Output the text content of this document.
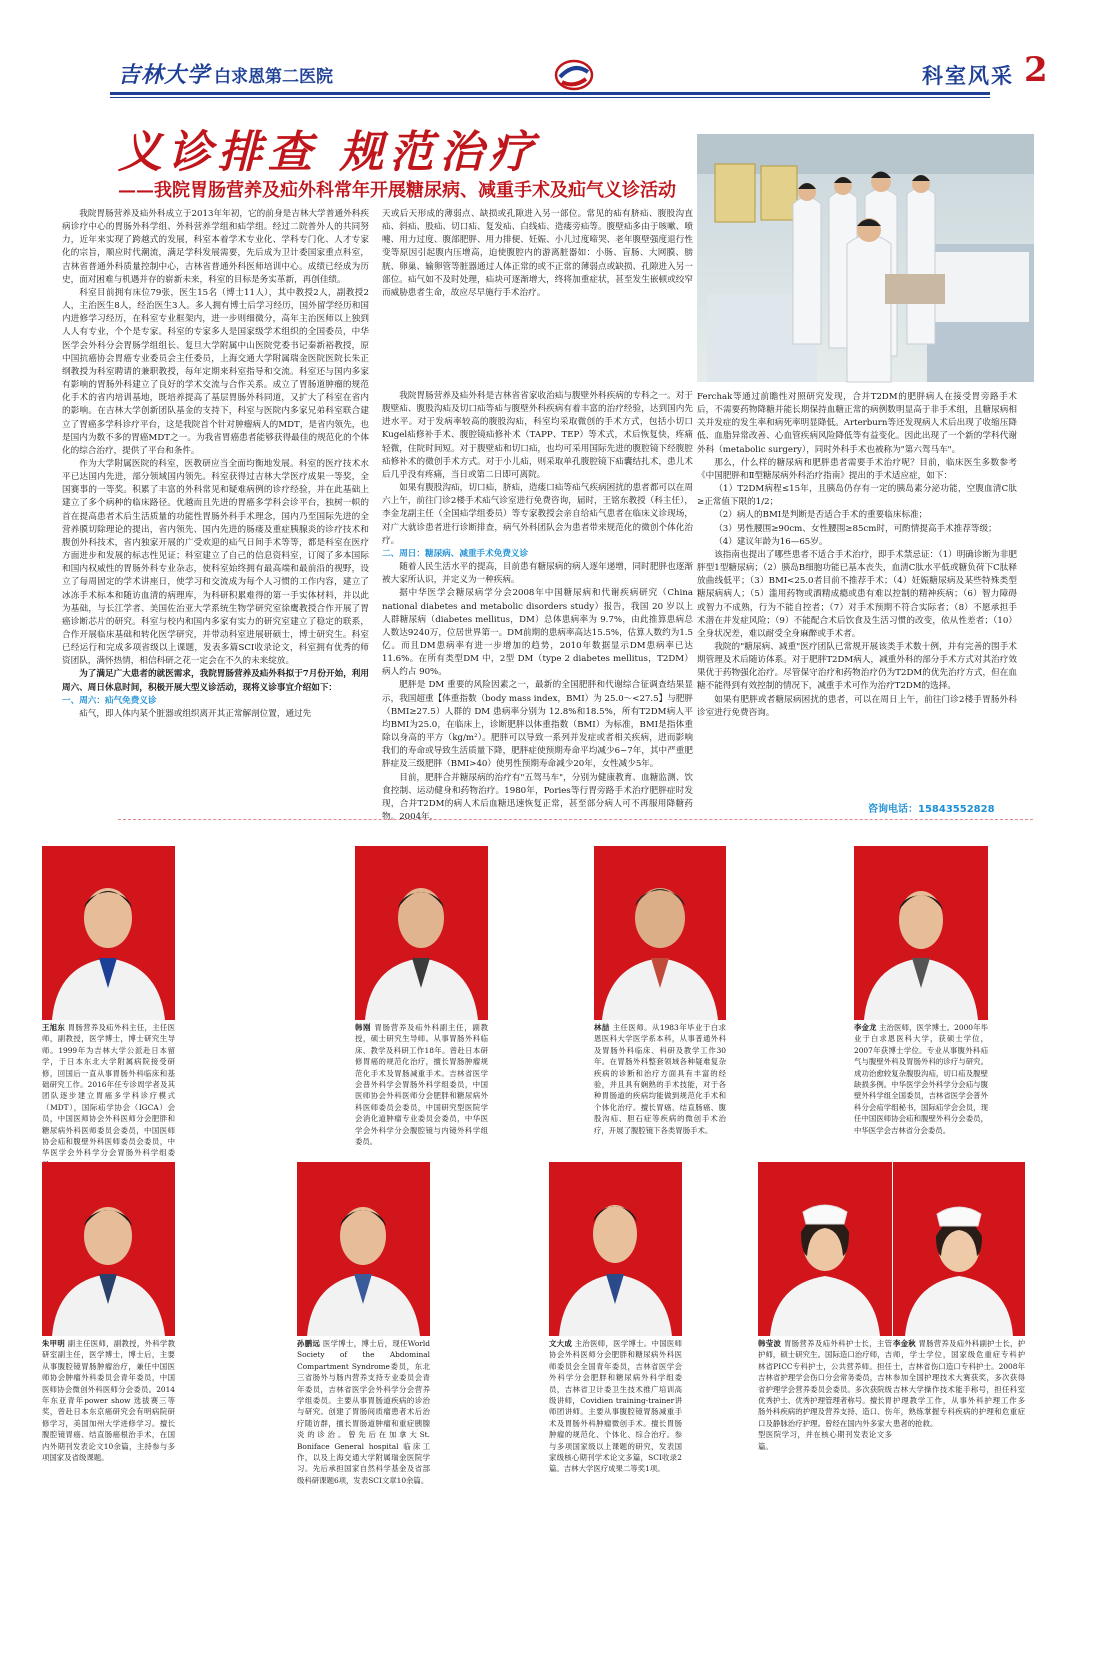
吉林大学 白求恩第二医院	科室风采 2
义诊排查 规范治疗
——我院胃肠营养及疝外科常年开展糖尿病、减重手术及疝气义诊活动

我院胃肠营养及疝外科成立于2013年年初，它的前身是吉林大学普通外科疾病诊疗中心的胃肠外科学组、外科营养学组和疝学组。经过二院普外人的共同努力，近年来实现了跨越式的发展，科室本着学术专业化、学科专门化、人才专家化的宗旨，顺应时代潮流，满足学科发展需要，先后成为卫计委国家重点科室，吉林省普通外科质量控制中心，吉林省普通外科医师培训中心。成绩已经成为历史，面对困难与机遇并存的崭新未来，科室的目标是务实革新，再创佳绩。

科室目前拥有床位79张，医生15名（博士11人），其中教授2人，副教授2人，主治医生8人，经治医生3人。多人拥有博士后学习经历，国外留学经历和国内进修学习经历，在科室专业框架内，进一步则细微分，高年主治医师以上独到人人有专业，个个是专家。科室的专家多人是国家级学术组织的全国委员，中华医学会外科分会胃肠学组组长、复旦大学附属中山医院党委书记秦新裕教授，原中国抗癌协会胃癌专业委员会主任委员，上海交通大学附属瑞金医院医院长朱正纲教授为科室聘请的兼职教授，每年定期来科室指导和交流。科室还与国内多家有影响的胃肠外科建立了良好的学术交流与合作关系。成立了胃肠道肿瘤的规范化手术的省内培训基地，既培养提高了基层胃肠外科同道，又扩大了科室在省内的影响。在吉林大学创新团队基金的支持下，科室与医院内多家兄弟科室联合建立了胃癌多学科诊疗平台，这是我院首个针对肿瘤病人的MDT，是省内领先，也是国内为数不多的胃癌MDT之一。为我省胃癌患者能够获得最佳的规范化的个体化的综合治疗，提供了平台和条件。

作为大学附属医院的科室，医教研应当全面均衡地发展。科室的医疗技术水平已达国内先进，部分领域国内领先。科室获得过吉林大学医疗成果一等奖，全国赛事的一等奖。积累了丰富的外科常见和疑难病例的诊疗经验，并在此基础上建立了多个病种的临床路径。优越而且先进的胃癌多学科会诊平台，独树一帜的首在提高患者术后生活质量的功能性胃肠外科手术理念，国内乃至国际先进的全营养膜切除理论的提出，省内领先、国内先进的肠瘘及重症胰腺炎的诊疗技术和腹创外科技术，省内独家开展的广受欢迎的疝气日间手术等等，都是科室在医疗方面进步和发展的标志性见证；科室建立了自己的信息资料室，订阅了多本国际和国内权威性的胃肠外科专业杂志，使科室始终拥有最高端和最前沿的视野，设立了每周固定的学术讲座日，使学习和交流成为每个人习惯的工作内容，建立了冰冻手术标本和随访血清的病理库，为科研积累难得的第一手实体材料，并以此为基础，与长江学者、美国佐治亚大学系统生物学研究室徐鹰教授合作开展了胃癌诊断芯片的研究。科室与校内和国内多家有实力的研究室建立了稳定的联系，合作开展临床基础和转化医学研究，并带动科室进展研硕士，博士研究生。科室已经运行和完成多项省级以上课题，发表多篇SCI收录论文，科室拥有优秀的师资团队，满怀热情，相信科研之花一定会在不久的未来绽放。

为了满足广大患者的就医需求，我院胃肠营养及疝外科拟于7月份开始，利用周六、周日休息时间，积极开展大型义诊活动，现将义诊事宜介绍如下：

一、周六：疝气免费义诊

疝气，即人体内某个脏器或组织离开其正常解剖位置，通过先

天或后天形成的薄弱点、缺损或孔隙进入另一部位。常见的疝有脐疝、腹股沟直疝、斜疝、股疝、切口疝、复发疝、白线疝、造瘘旁疝等。腹壁疝多由于咳嗽、喷嚏、用力过度、腹部肥胖、用力排便、妊娠、小儿过度啼哭、老年腹壁强度退行性变等原因引起腹内压增高，迫使腹腔内的游离脏器如：小肠、盲肠、大网膜、膀胱、卵巢、输卵管等脏器通过人体正常的或不正常的薄弱点或缺损、孔隙进入另一部位。疝气如不及时处理，疝块可逐渐增大，终将加重症状，甚至发生嵌顿或绞窄而威胁患者生命，故应尽早施行手术治疗。

我院胃肠营养及疝外科是吉林省省家收治疝与腹壁外科疾病的专科之一。对于腹壁疝、腹股沟疝及切口疝等疝与腹壁外科疾病有着丰富的治疗经验，达到国内先进水平。对于发病率较高的腹股沟疝，科室均采取微创的手术方式，包括小切口Kugel疝修补手术、腹腔镜疝修补术（TAPP、TEP）等术式，术后恢复快，疼痛轻微，住院时间短。对于腹壁疝和切口疝，也均可采用国际先进的腹腔镜下经腹腔疝修补术的微创手术方式。对于小儿疝，则采取单孔腹腔镜下疝囊结扎术，患儿术后几乎没有疼痛，当日或第二日即可离院。

如果有腹股沟疝，切口疝，脐疝，造瘘口疝等疝气疾病困扰的患者都可以在周六上午，前往门诊2楼手术疝气诊室进行免费咨询，届时，王铭东教授（科主任），李金龙副主任（全国疝学组委员）等专家教授会亲自给疝气患者在临床义诊现场，对广大就诊患者进行诊断排查，病气外科团队会为患者带来规范化的微创个体化治疗。

二、周日：糖尿病、减重手术免费义诊

随着人民生活水平的提高，目前患有糖尿病的病人逐年递增，同时肥胖也逐渐被大家所认识，并定义为一种疾病。

据中华医学会糖尿病学分会2008年中国糖尿病和代谢疾病研究（China national diabetes and metabolic disorders study）报告，我国 20 岁以上人群糖尿病（diabetes mellitus，DM）总体患病率为 9.7%，由此推算患病总人数达9240万，位居世界第一。DM前期的患病率高达15.5%，估算人数约为1.5亿。而且DM患病率有进一步增加的趋势，2010年数据显示DM患病率已达 11.6%。在所有类型DM 中，2型 DM（type 2 diabetes mellitus，T2DM）病人约占 90%。

肥胖是 DM 重要的风险因素之一，最新的全国肥胖和代谢综合征调查结果显示，我国超重【体重指数（body mass index，BMI）为 25.0～<27.5】与肥胖（BMI≥27.5）人群的 DM 患病率分别为 12.8%和18.5%，所有T2DM病人平均BMI为25.0，在临床上，诊断肥胖以体重指数（BMI）为标准，BMI是指体重除以身高的平方（kg/m²）。肥胖可以导致一系列并发症或者相关疾病，进而影响我们的寿命或导致生活质量下降，肥胖症使预期寿命平均减少6~7年，其中严重肥胖症及三级肥胖（BMI>40）使男性预期寿命减少20年，女性减少5年。

目前，肥胖合并糖尿病的治疗有"五驾马车"，分别为健康教育、血糖监测、饮食控制、运动健身和药物治疗。1980年，Pories等行胃旁路手术治疗肥胖症时发现，合并T2DM的病人术后血糖迅速恢复正常，甚至部分病人可不再服用降糖药物。2004年，

Ferchak等通过前瞻性对照研究发现，合并T2DM的肥胖病人在接受胃旁路手术后，不需要药物降糖并能长期保持血糖正常的病例数明显高于非手术组，且糖尿病相关并发症的发生率和病死率明显降低。Arterburn等还发现病人术后出现了收缩压降低、血脂异常改善、心血管疾病风险降低等有益变化。因此出现了一个新的学科代谢外科（metabolic surgery），同时外科手术也被称为"第六驾马车"。

那么，什么样的糖尿病和肥胖患者需要手术治疗呢？目前，临床医生多数参考《中国肥胖和Ⅱ型糖尿病外科治疗指南》提出的手术适应症，如下：

（1）T2DM病程≤15年，且胰岛仍存有一定的胰岛素分泌功能，空腹血清C肽≥正常值下限的1/2；

（2）病人的BMI是判断是否适合手术的重要临床标准；

（3）男性腰围≥90cm、女性腰围≥85cm时，可酌情提高手术推荐等级；

（4）建议年龄为16—65岁。

该指南也提出了哪些患者不适合手术治疗，即手术禁忌证：（1）明确诊断为非肥胖型1型糖尿病；（2）胰岛B细胞功能已基本丧失，血清C肽水平低或糖负荷下C肽释放曲线低平；（3）BMI<25.0者目前不推荐手术；（4）妊娠糖尿病及某些特殊类型糖尿病病人；（5）滥用药物或酒精成瘾或患有难以控制的精神疾病；（6）智力障碍或智力不成熟，行为不能自控者；（7）对手术预期不符合实际者；（8）不愿承担手术潜在并发症风险；（9）不能配合术后饮食及生活习惯的改变，依从性差者；（10）全身状况差，难以耐受全身麻醉或手术者。

我院的"糖尿病、减重"医疗团队已常规开展该类手术数十例，并有完善的围手术期管理及术后随访体系。对于肥胖T2DM病人，减重外科的部分手术方式对其治疗效果优于药物强化治疗。尽管保守治疗和药物治疗仍为T2DM的优先治疗方式，但在血糖不能得到有效控制的情况下，减重手术可作为治疗T2DM的选择。

如果有肥胖或者糖尿病困扰的患者，可以在周日上午，前往门诊2楼手胃肠外科诊室进行免费咨询。

咨询电话：15843552828
王旭东 胃肠营养及疝外科主任，主任医师，副教授，医学博士，博士研究生导师。1999年为吉林大学公派赴日本留学，于日本东北大学附属病院接受研修，回国后一直从事胃肠外科临床和基础研究工作。2016年任专诊周学者及其团队逐步建立胃癌多学科诊疗模式（MDT），国际疝学协会（IGCA）会员，中国医师协会外科医师分会肥胖和糖尿病外科医师委员会委员，中国医师协会疝和腹壁外科医师委员会委员，中华医学会外科学分会胃肠外科学组委
韩刚 胃肠营养及疝外科副主任，副教授，硕士研究生导师。从事胃肠外科临床、教学及科研工作18年。曾赴日本研修胃癌的规范化治疗，擅长胃肠肿瘤规范化手术及胃肠减重手术。吉林省医学会普外科学会胃肠外科学组委员，中国医师协会外科医师分会肥胖和糖尿病外科医师委员会委员，中国研究型医院学会消化道肿瘤专业委员会委员，中华医学会外科学分会腹腔镜与内镜外科学组委员。
林喆 主任医师。从1983年毕业于白求恩医科大学医学系本科，从事普通外科及胃肠外科临床、科研及教学工作30年。在胃肠外科整套领域各种疑难复杂疾病的诊断和治疗方面具有丰富的经验，并且具有娴熟的手术技能，对于各种胃肠道的疾病均能做到规范化手术和个体化治疗。擅长胃癌、结直肠癌、腹股沟疝、胆石症等疾病的微创手术治疗，开展了腹腔镜下各类胃肠手术。
李金龙 主治医师，医学博士。2000年毕业于白求恩医科大学，获硕士学位，2007年获博士学位。专业从事腹外科疝气与腹壁外科及胃肠外科的诊疗与研究。成功治愈较复杂腹股沟疝，切口疝及腹壁缺损多例。中华医学会外科学分会疝与腹壁外科学组全国委员，吉林省医学会普外科分会疝学组秘书，国际疝学会会员，现任中国医师协会疝和腹壁外科分会委员，中华医学会吉林省分会委员。
朱甲明 副主任医师，副教授，外科学教研室副主任，医学博士，博士后，主要从事腹腔镜胃肠肿瘤治疗，兼任中国医师协会肿瘤外科委员会青年委员，中国医师协会微创外科医师分会委员。2014年东亚青年power show 选拔赛三等奖，曾赴日本东京癌研究会有明病院研修学习，美国加州大学进修学习。擅长腹腔镜胃癌、结直肠癌根治手术，在国内外期刊发表论文10余篇，主持参与多项国家及省级课题。
孙鹏远 医学博士，博士后，现任World Society of the Abdominal Compartment Syndrome委员，东北三省肠外与肠内营养支持专业委员会青年委员，吉林省医学会外科学分会营养学组委员。主要从事胃肠道疾病的诊治与研究。创建了胃肠间质瘤患者术后治疗随访群，擅长胃肠道肿瘤和重症胰腺炎的诊治。曾先后在加拿大St. Boniface General hospital 临床工作，以及上海交通大学附属瑞金医院学习。先后承担国家自然科学基金及省部级科研课题6项，发表SCI文章10余篇。
文大成 主治医师，医学博士。中国医师协会外科医师分会肥胖和糖尿病外科医师委员会全国青年委员，吉林省医学会外科学分会肥胖和糖尿病外科学组委员，吉林省卫计委卫生技术推广培训高级讲师，Covidien training-trainer讲师团讲师。主要从事腹腔镜胃肠减重手术及胃肠外科肿瘤微创手术。擅长胃肠肿瘤的规范化、个体化、综合治疗。参与多项国家级以上课题的研究，发表国家级核心期刊学术论文多篇，SCI收录2篇。吉林大学医疗成果二等奖1项。
韩莹波 胃肠营养及疝外科护士长，主管护师，硕士研究生。国际造口治疗师，吉林省PICC专科护士，公共营养师。担任吉林省护理学会伤口分会常务委员，吉林省护理学会营养委员会委员。多次获院级优秀护士、优秀护理管理者称号。擅长胃肠外科疾病的护理及营养支持、造口、伤口及静脉治疗护理。曾经在国内外多家大型医院学习，并在核心期刊发表论文多篇。
李金秋 胃肠营养及疝外科副护士长，护师，学士学位，国家级危重症专科护士，吉林省伤口造口专科护士。2008年参加全国护理技术大赛获奖，多次获得吉林大学操作技术能手称号，担任科室护理教学工作，从事外科护理工作多年，熟练掌握专科疾病的护理和危重症患者的抢救。
